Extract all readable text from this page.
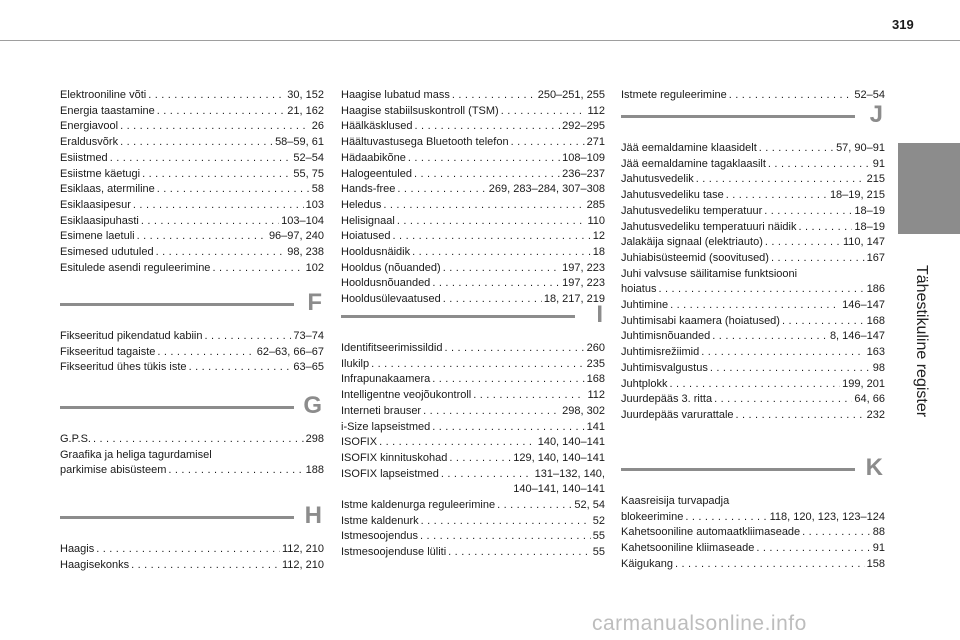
319
Tähestikuline register
carmanualsonline.info
Elektrooniline võti . . .	30, 152
Energia taastamine . . .	21, 162
Energiavool . . .	26
Eraldusvõrk . . .	58–59, 61
Esiistmed . . .	52–54
Esiistme käetugi . . .	55, 75
Esiklaas, atermiline . . .	58
Esiklaasipesur . . .	103
Esiklaasipuhasti . . .	103–104
Esimene laetuli . . .	96–97, 240
Esimesed udutuled . . .	98, 238
Esitulede asendi reguleerimine . . .	102
F
Fikseeritud pikendatud kabiin . . .	73–74
Fikseeritud tagaiste . . .	62–63, 66–67
Fikseeritud ühes tükis iste . . .	63–65
G
G.P.S. . . .	298
Graafika ja heliga tagurdamisel
parkimise abisüsteem . . .	188
H
Haagis . . .	112, 210
Haagisekonks . . .	112, 210
Haagise lubatud mass . . .	250–251, 255
Haagise stabiilsuskontroll (TSM) . . .	112
Häälkäsklused . . .	292–295
Häältuvastusega Bluetooth telefon . . .	271
Hädaabikõne . . .	108–109
Halogeentuled . . .	236–237
Hands-free . . .	269, 283–284, 307–308
Heledus . . .	285
Helisignaal . . .	110
Hoiatused . . .	12
Hooldusnäidik . . .	18
Hooldus (nõuanded) . . .	197, 223
Hooldusnõuanded . . .	197, 223
Hooldusülevaatused . . .	18, 217, 219
I
Identifitseerimissildid . . .	260
Ilukilp . . .	235
Infrapunakaamera . . .	168
Intelligentne veojõukontroll . . .	112
Interneti brauser . . .	298, 302
i-Size lapseistmed . . .	141
ISOFIX . . .	140, 140–141
ISOFIX kinnituskohad . . .	129, 140, 140–141
ISOFIX lapseistmed . . .	131–132, 140,
140–141, 140–141
Istme kaldenurga reguleerimine . . .	52, 54
Istme kaldenurk . . .	52
Istmesoojendus . . .	55
Istmesoojenduse lüliti . . .	55
Istmete reguleerimine . . .	52–54
J
Jää eemaldamine klaasidelt . . .	57, 90–91
Jää eemaldamine tagaklaasilt . . .	91
Jahutusvedelik . . .	215
Jahutusvedeliku tase . . .	18–19, 215
Jahutusvedeliku temperatuur . . .	18–19
Jahutusvedeliku temperatuuri näidik . . .	18–19
Jalakäija signaal (elektriauto) . . .	110, 147
Juhiabisüsteemid (soovitused) . . .	167
Juhi valvsuse säilitamise funktsiooni
hoiatus . . .	186
Juhtimine . . .	146–147
Juhtimisabi kaamera (hoiatused) . . .	168
Juhtimisnõuanded . . .	8, 146–147
Juhtimisrežiimid . . .	163
Juhtimisvalgustus . . .	98
Juhtplokk . . .	199, 201
Juurdepääs 3. ritta . . .	64, 66
Juurdepääs varurattale . . .	232
K
Kaasreisija turvapadja
blokeerimine . . .	118, 120, 123, 123–124
Kahetsooniline automaatkliimaseade . . .	88
Kahetsooniline kliimaseade . . .	91
Käigukang . . .	158
